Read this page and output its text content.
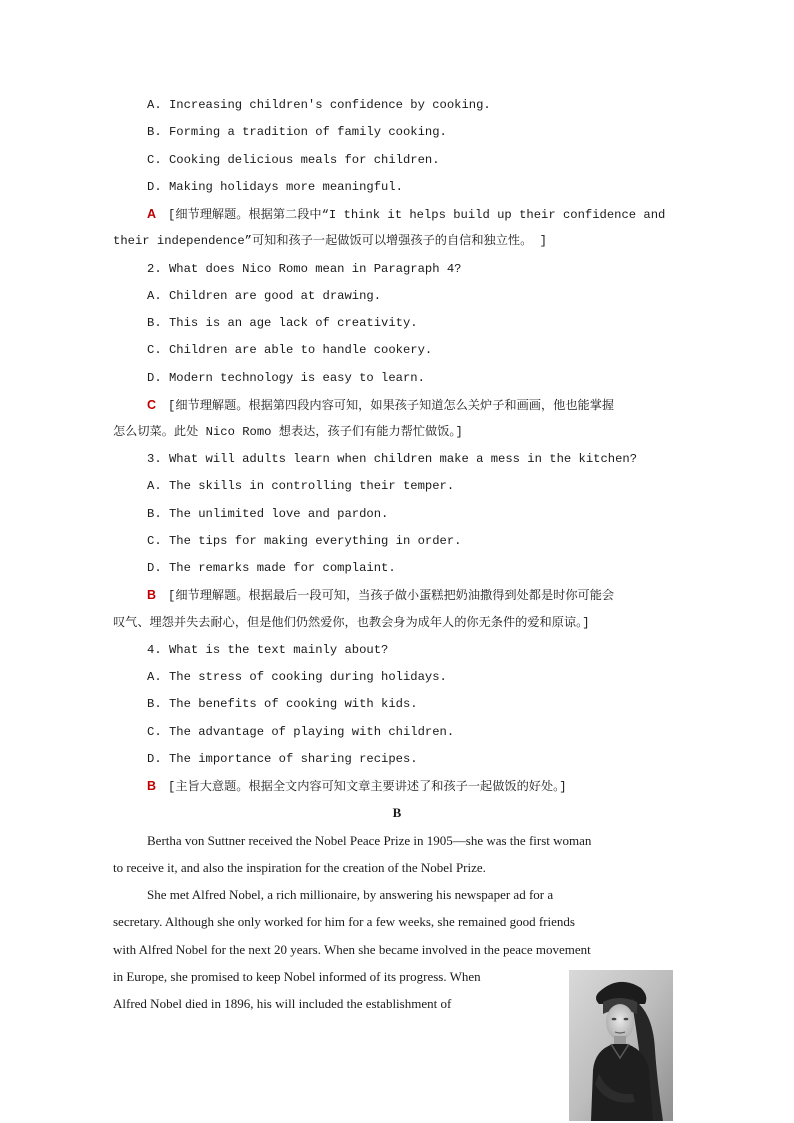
A. Increasing children's confidence by cooking.
B. Forming a tradition of family cooking.
C. Cooking delicious meals for children.
D. Making holidays more meaningful.
A [细节理解题。根据第二段中“I think it helps build up their confidence and
their independence”可知和孩子一起做饭可以增强孩子的自信和独立性。 ]
2. What does Nico Romo mean in Paragraph 4?
A. Children are good at drawing.
B. This is an age lack of creativity.
C. Children are able to handle cookery.
D. Modern technology is easy to learn.
C [细节理解题。根据第四段内容可知，如果孩子知道怎么关炉子和画画，他也能掌握
怎么切菜。此处 Nico Romo 想表达，孩子们有能力帮忙做饭。]
3. What will adults learn when children make a mess in the kitchen?
A. The skills in controlling their temper.
B. The unlimited love and pardon.
C. The tips for making everything in order.
D. The remarks made for complaint.
B [细节理解题。根据最后一段可知，当孩子做小蛋糕把奶油撒得到处都是时你可能会
叹气、埋怨并失去耐心，但是他们仍然爱你，也教会身为成年人的你无条件的爱和原谅。]
4. What is the text mainly about?
A. The stress of cooking during holidays.
B. The benefits of cooking with kids.
C. The advantage of playing with children.
D. The importance of sharing recipes.
B [主旨大意题。根据全文内容可知文章主要讲述了和孩子一起做饭的好处。]
B
Bertha von Suttner received the Nobel Peace Prize in 1905—she was the first woman
to receive it, and also the inspiration for the creation of the Nobel Prize.
She met Alfred Nobel, a rich millionaire, by answering his newspaper ad for a
secretary. Although she only worked for him for a few weeks, she remained good friends
with Alfred Nobel for the next 20 years. When she became involved in the peace movement
in Europe, she promised to keep Nobel informed of its progress. When
Alfred Nobel died in 1896, his will included the establishment of
